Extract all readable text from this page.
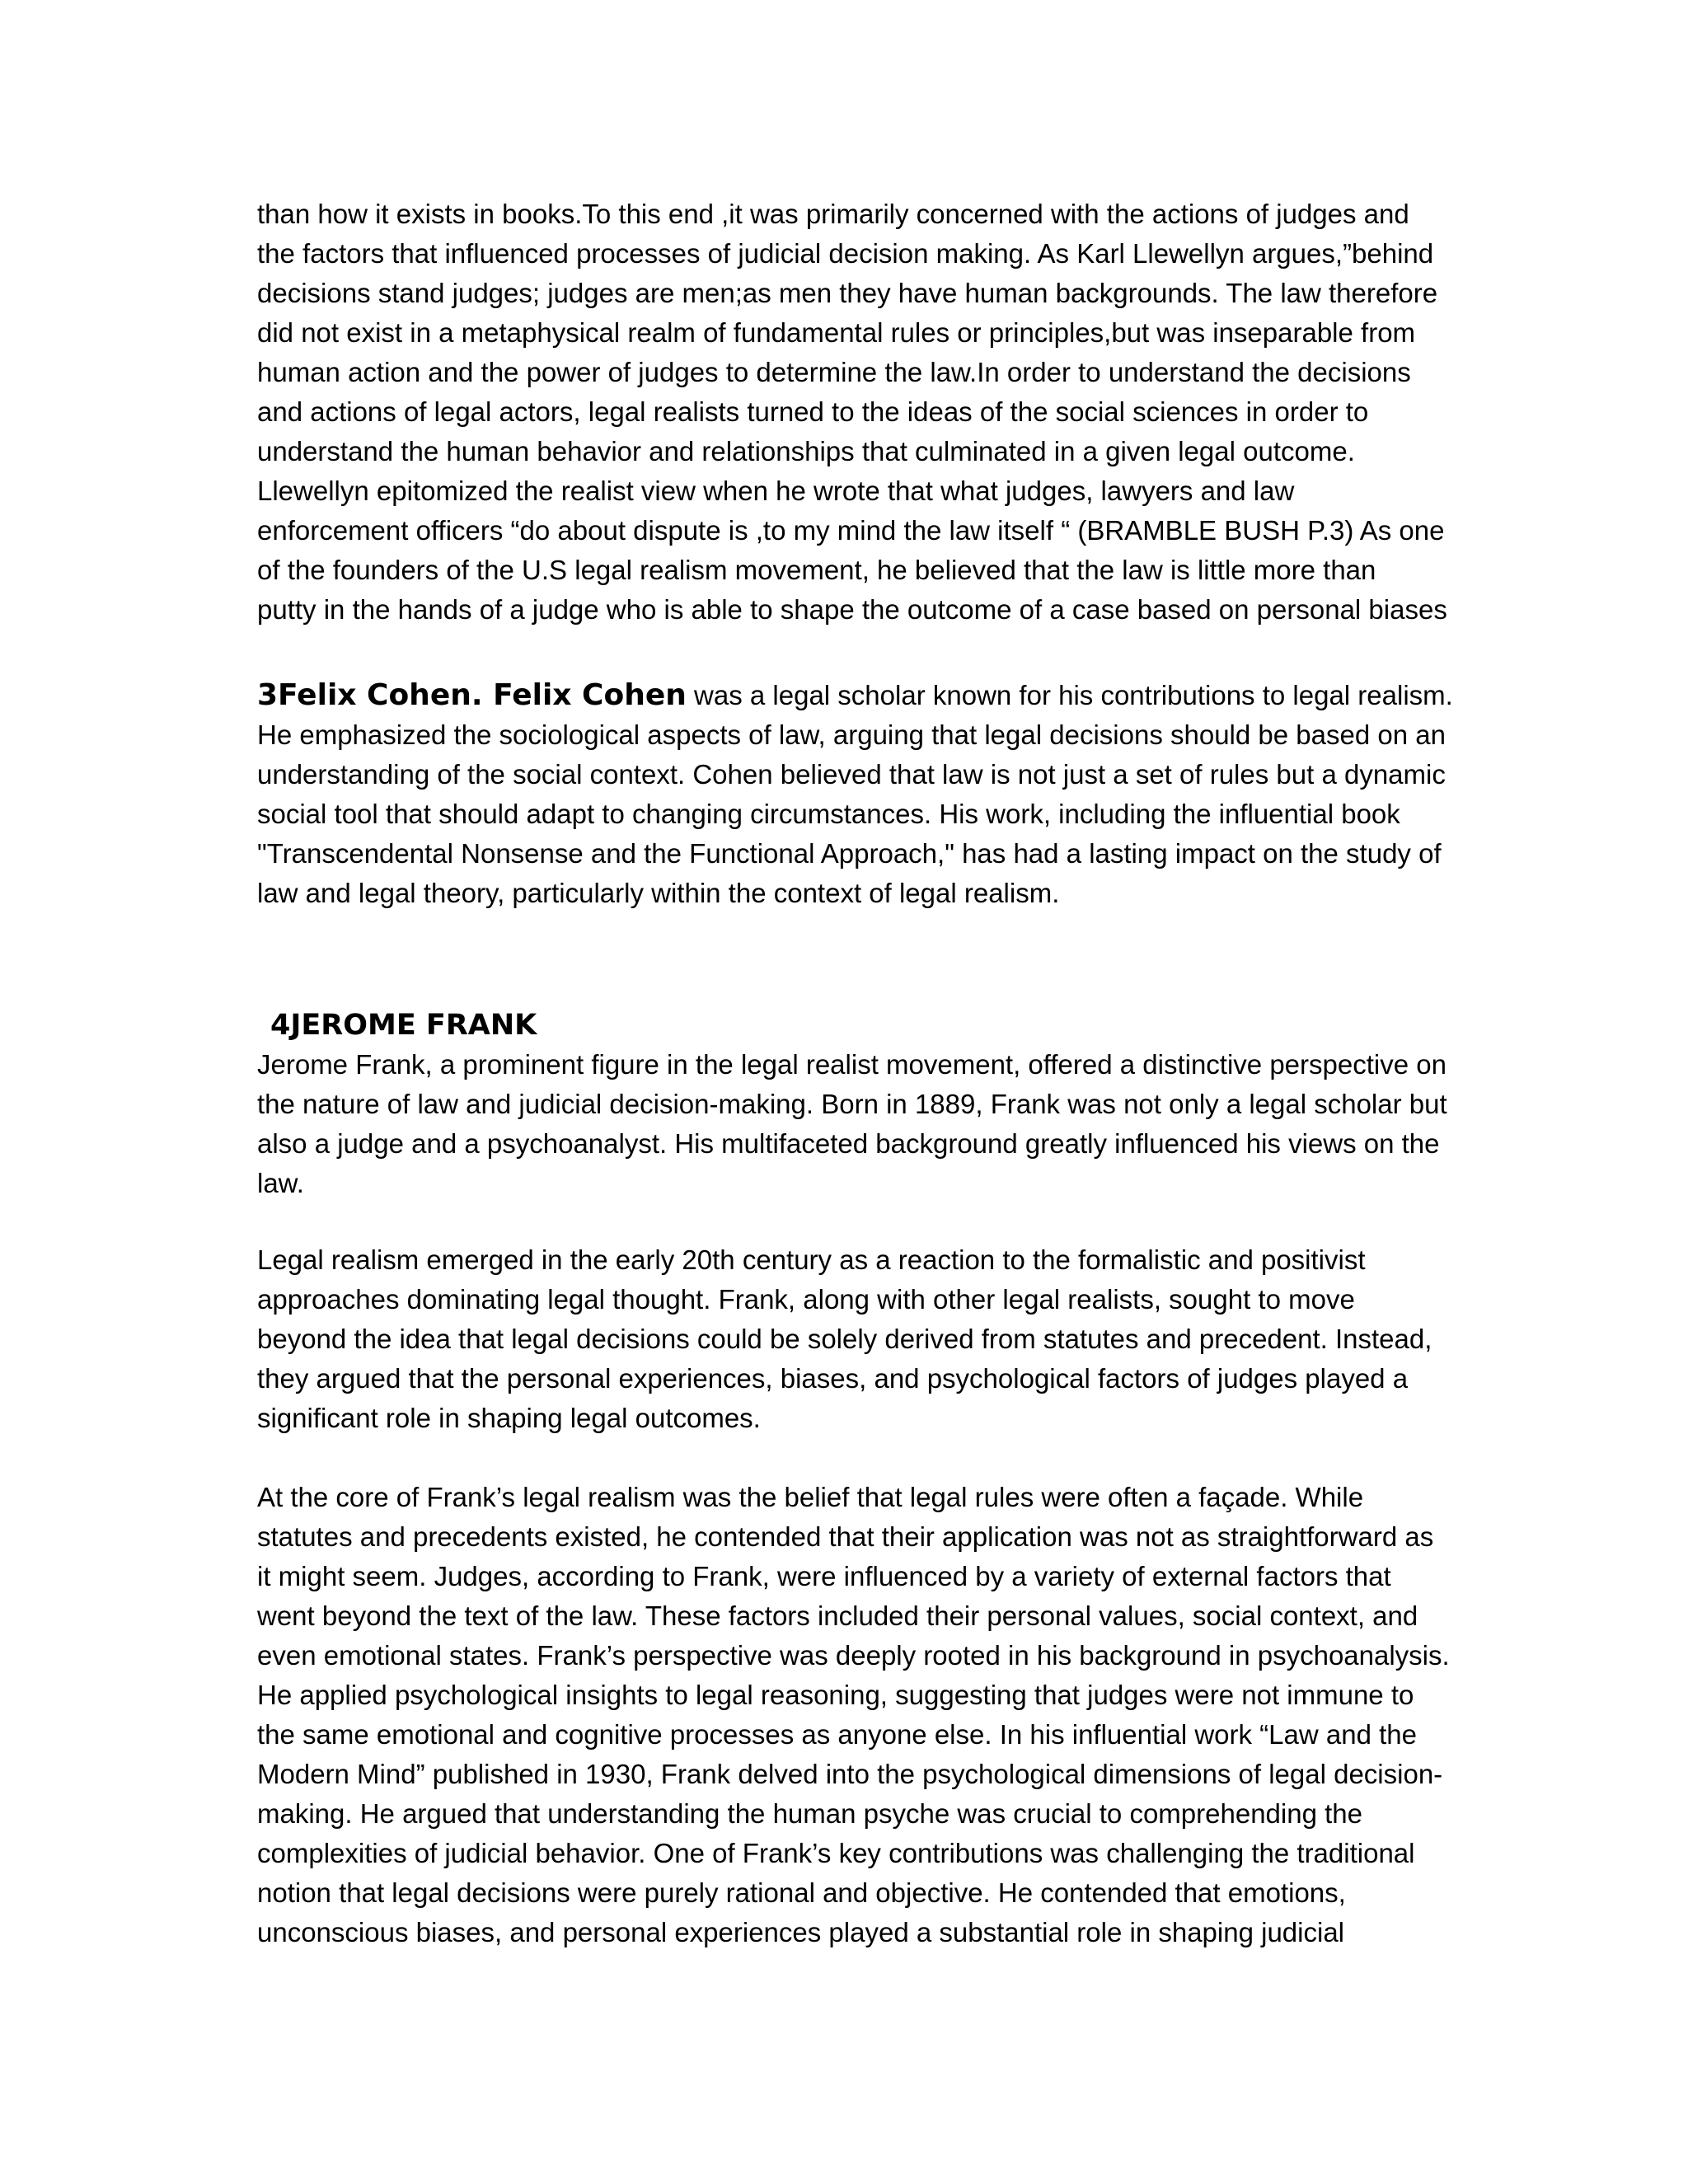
than how it exists in books.To this end ,it was primarily concerned with the actions of judges and
the factors that influenced processes of judicial decision making. As Karl Llewellyn argues,”behind
decisions stand judges; judges are men;as men they have human backgrounds. The law therefore
did not exist in a metaphysical realm of fundamental rules or principles,but was inseparable from
human action and the power of judges to determine the law.In order to understand the decisions
and actions of legal actors, legal realists turned to the ideas of the social sciences in order to
understand the human behavior and relationships that culminated in a given legal outcome.
Llewellyn epitomized the realist view when he wrote that what judges, lawyers and law
enforcement officers “do about dispute is ,to my mind the law itself “ (BRAMBLE BUSH P.3) As one
of the founders of the U.S legal realism movement, he believed that the law is little more than
putty in the hands of a judge who is able to shape the outcome of a case based on personal biases
3Felix Cohen. Felix Cohen was a legal scholar known for his contributions to legal realism.
He emphasized the sociological aspects of law, arguing that legal decisions should be based on an
understanding of the social context. Cohen believed that law is not just a set of rules but a dynamic
social tool that should adapt to changing circumstances. His work, including the influential book
"Transcendental Nonsense and the Functional Approach," has had a lasting impact on the study of
law and legal theory, particularly within the context of legal realism.
4JEROME FRANK
Jerome Frank, a prominent figure in the legal realist movement, offered a distinctive perspective on
the nature of law and judicial decision-making. Born in 1889, Frank was not only a legal scholar but
also a judge and a psychoanalyst. His multifaceted background greatly influenced his views on the
law.
Legal realism emerged in the early 20th century as a reaction to the formalistic and positivist
approaches dominating legal thought. Frank, along with other legal realists, sought to move
beyond the idea that legal decisions could be solely derived from statutes and precedent. Instead,
they argued that the personal experiences, biases, and psychological factors of judges played a
significant role in shaping legal outcomes.
At the core of Frank’s legal realism was the belief that legal rules were often a façade. While
statutes and precedents existed, he contended that their application was not as straightforward as
it might seem. Judges, according to Frank, were influenced by a variety of external factors that
went beyond the text of the law. These factors included their personal values, social context, and
even emotional states. Frank’s perspective was deeply rooted in his background in psychoanalysis.
He applied psychological insights to legal reasoning, suggesting that judges were not immune to
the same emotional and cognitive processes as anyone else. In his influential work “Law and the
Modern Mind” published in 1930, Frank delved into the psychological dimensions of legal decision-
making. He argued that understanding the human psyche was crucial to comprehending the
complexities of judicial behavior. One of Frank’s key contributions was challenging the traditional
notion that legal decisions were purely rational and objective. He contended that emotions,
unconscious biases, and personal experiences played a substantial role in shaping judicial
